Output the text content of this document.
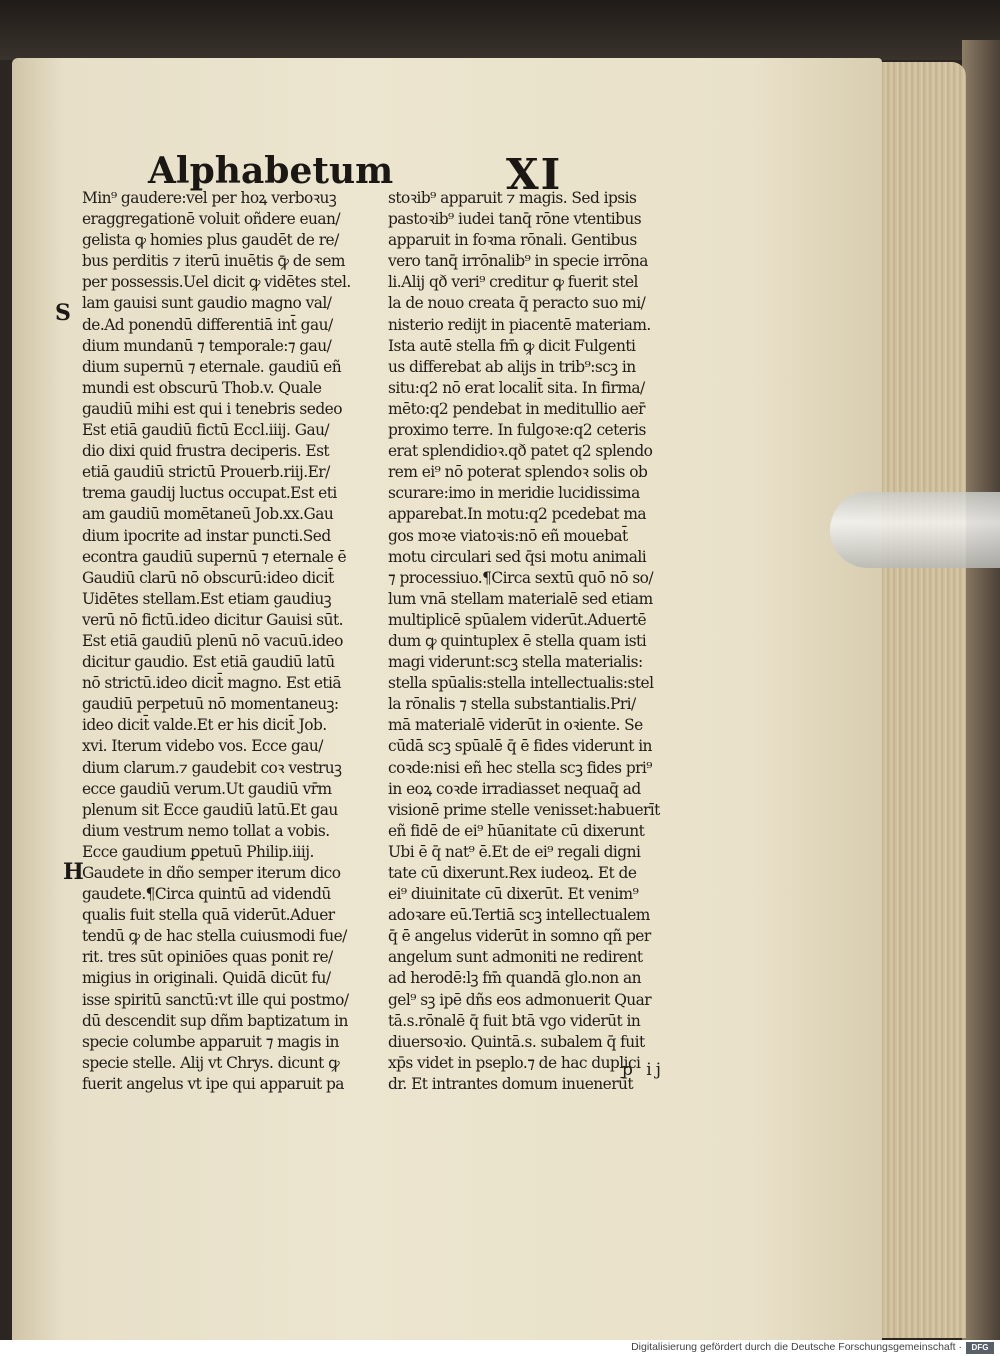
Alphabetum	XI
S
H
Min⁹ gaudere:vel per hoꝝ verboꝛuꝫ
eraggregationē voluit oñdere euan/
gelista ꝙ homies plus gaudēt de re/
bus perditis ⁊ iterū inuētis ꝙ̄ de sem
per possessis.Uel dicit ꝙ vidētes stel.
lam gauisi sunt gaudio magno val/
de.Ad ponendū differentiā int̄ gau/
dium mundanū ⁊ temporale:⁊ gau/
dium supernū ⁊ eternale. gaudiū eñ
mundi est obscurū Thob.v. Quale
gaudiū mihi est qui i tenebris sedeo
Est etiā gaudiū fictū Eccl.iiij. Gau/
dio dixi quid frustra deciperis. Est
etiā gaudiū strictū Prouerb.riij.Er/
trema gaudij luctus occupat.Est eti
am gaudiū momētaneū Job.xx.Gau
dium ipocrite ad instar puncti.Sed
econtra gaudiū supernū ⁊ eternale ē
Gaudiū clarū nō obscurū:ideo dicit̄
Uidētes stellam.Est etiam gaudiuꝫ
verū nō fictū.ideo dicitur Gauisi sūt.
Est etiā gaudiū plenū nō vacuū.ideo
dicitur gaudio. Est etiā gaudiū latū
nō strictū.ideo dicit̄ magno. Est etiā
gaudiū perpetuū nō momentaneuꝫ:
ideo dicit̄ valde.Et er his dicit̄ Job.
xvi. Iterum videbo vos. Ecce gau/
dium clarum.⁊ gaudebit coꝛ vestruꝫ
ecce gaudiū verum.Ut gaudiū vr̄m
plenum sit Ecce gaudiū latū.Et gau
dium vestrum nemo tollat a vobis.
Ecce gaudium ꝑpetuū Philip.iiij.
Gaudete in dño semper iterum dico
gaudete.¶Circa quintū ad videndū
qualis fuit stella quā viderūt.Aduer
tendū ꝙ de hac stella cuiusmodi fue/
rit. tres sūt opiniōes quas ponit re/
migius in originali. Quidā dicūt fu/
isse spiritū sanctū:vt ille qui postmo/
dū descendit sup dñm baptizatum in
specie columbe apparuit ⁊ magis in
specie stelle. Alij vt Chrys. dicunt ꝙ
fuerit angelus vt ipe qui apparuit pa
stoꝛib⁹ apparuit ⁊ magis. Sed ipsis
pastoꝛib⁹ iudei tanq̄ rōne vtentibus
apparuit in foꝛma rōnali. Gentibus
vero tanq̄ irrōnalib⁹ in specie irrōna
li.Alij qð veri⁹ creditur ꝙ fuerit stel
la de nouo creata q̄ peracto suo mi/
nisterio redijt in piacentē materiam.
Ista autē stella fm̄ ꝙ dicit Fulgenti
us differebat ab alijs in trib⁹:scꝫ in
situ:q2 nō erat localit̄ sita. In firma/
mēto:q2 pendebat in meditullio aer̄
proximo terre. In fulgoꝛe:q2 ceteris
erat splendidioꝛ.qð patet q2 splendo
rem ei⁹ nō poterat splendoꝛ solis ob
scurare:imo in meridie lucidissima
apparebat.In motu:q2 pcedebat ma
gos moꝛe viatoꝛis:nō eñ mouebat̄
motu circulari sed q̄si motu animali
⁊ processiuo.¶Circa sextū quō nō so/
lum vnā stellam materialē sed etiam
multiplicē spūalem viderūt.Aduertē
dum ꝙ quintuplex ē stella quam isti
magi viderunt:scꝫ stella materialis:
stella spūalis:stella intellectualis:stel
la rōnalis ⁊ stella substantialis.Pri/
mā materialē viderūt in oꝛiente. Se
cūdā scꝫ spūalē q̄ ē fides viderunt in
coꝛde:nisi eñ hec stella scꝫ fides pri⁹
in eoꝝ coꝛde irradiasset nequaq̄ ad
visionē prime stelle venisset:habuerīt
eñ fidē de ei⁹ hūanitate cū dixerunt
Ubi ē q̄ nat⁹ ē.Et de ei⁹ regali digni
tate cū dixerunt.Rex iudeoꝝ. Et de
ei⁹ diuinitate cū dixerūt. Et venim⁹
adoꝛare eū.Tertiā scꝫ intellectualem
q̄ ē angelus viderūt in somno qñ per
angelum sunt admoniti ne redirent
ad herodē:lꝫ fm̄ quandā glo.non an
gel⁹ sꝫ ipē dñs eos admonuerit Quar
tā.s.rōnalē q̄ fuit btā vgo viderūt in
diuersoꝛio. Quintā.s. subalem q̄ fuit
xp̄s videt in pseplo.⁊ de hac duplici
dr. Et intrantes domum inuenerūt
p ij
Digitalisierung gefördert durch die Deutsche Forschungsgemeinschaft ·	DFG
